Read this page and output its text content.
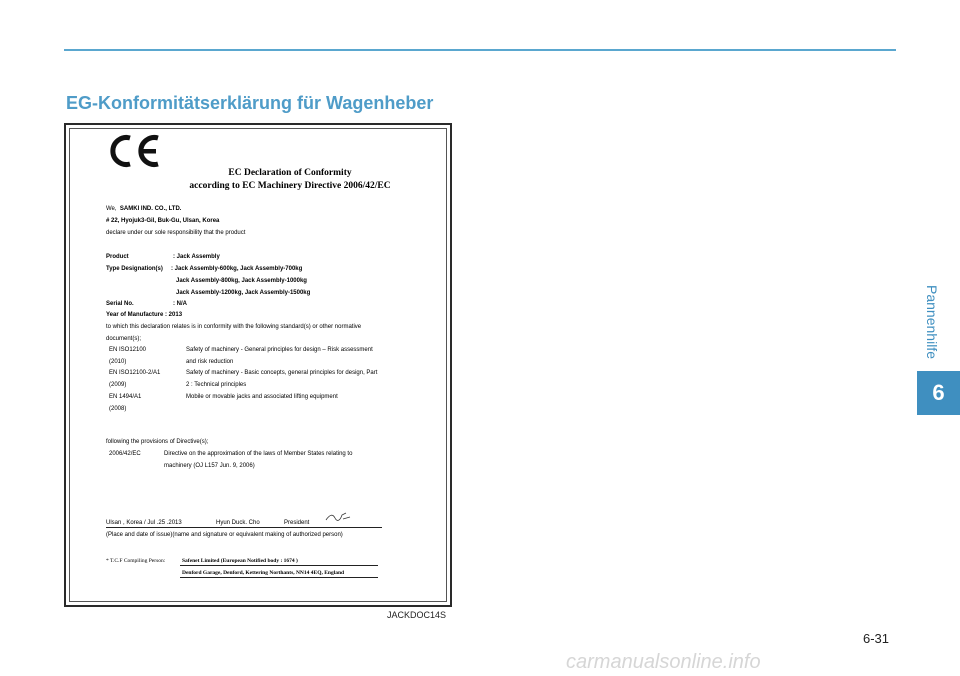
EG-Konformitätserklärung für Wagenheber
Pannenhilfe
6
EC Declaration of Conformity
according to EC Machinery Directive 2006/42/EC
We, SAMKI IND. CO., LTD.
# 22, Hyojuk3-Gil, Buk-Gu, Ulsan, Korea
declare under our sole responsibility that the product
Product	: Jack Assembly
Type Designation(s) : Jack Assembly-600kg, Jack Assembly-700kg
Jack Assembly-800kg, Jack Assembly-1000kg
Jack Assembly-1200kg, Jack Assembly-1500kg
Serial No.	: N/A
Year of Manufacture : 2013
to which this declaration relates is in conformity with the following standard(s) or other normative
document(s);
EN ISO12100	Safety of machinery - General principles for design – Risk assessment
(2010)	and risk reduction
EN ISO12100-2/A1	Safety of machinery - Basic concepts, general principles for design, Part
(2009)	2 : Technical principles
EN 1494/A1	Mobile or movable jacks and associated lifting equipment
(2008)
following the provisions of Directive(s);
2006/42/EC	Directive on the approximation of the laws of Member States relating to
machinery (OJ L157 Jun. 9, 2006)
Ulsan , Korea / Jul .25 .2013	Hyun Duck. Cho	President
(Place and date of issue)(name and signature or equivalent making of authorized person)
* T.C.F Compiling Person:	Safenet Limited (European Notified body : 1674 )
Denford Garage, Denford, Kettering Northants, NN14 4EQ, England
JACKDOC14S
6-31
carmanualsonline.info
